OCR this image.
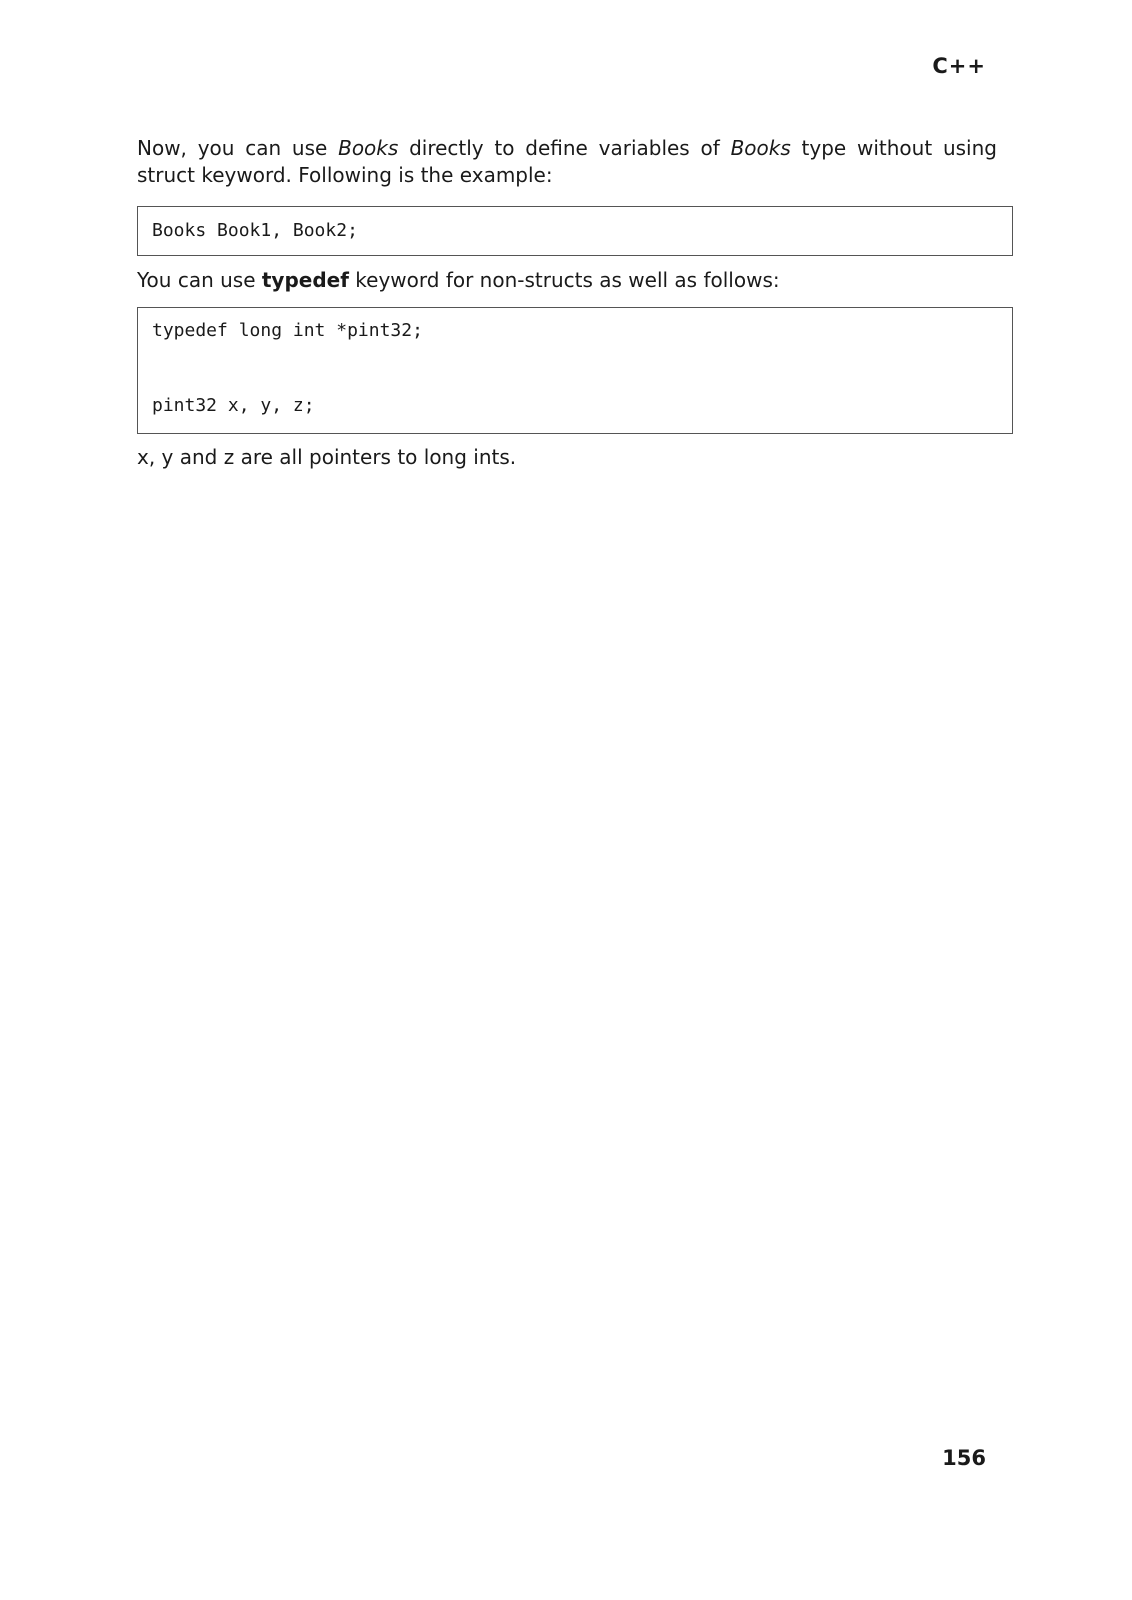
C++

Now, you can use Books directly to define variables of Books type without using struct keyword. Following is the example:

Books Book1, Book2;

You can use typedef keyword for non-structs as well as follows:

typedef long int *pint32;
pint32 x, y, z;

x, y and z are all pointers to long ints.

156
